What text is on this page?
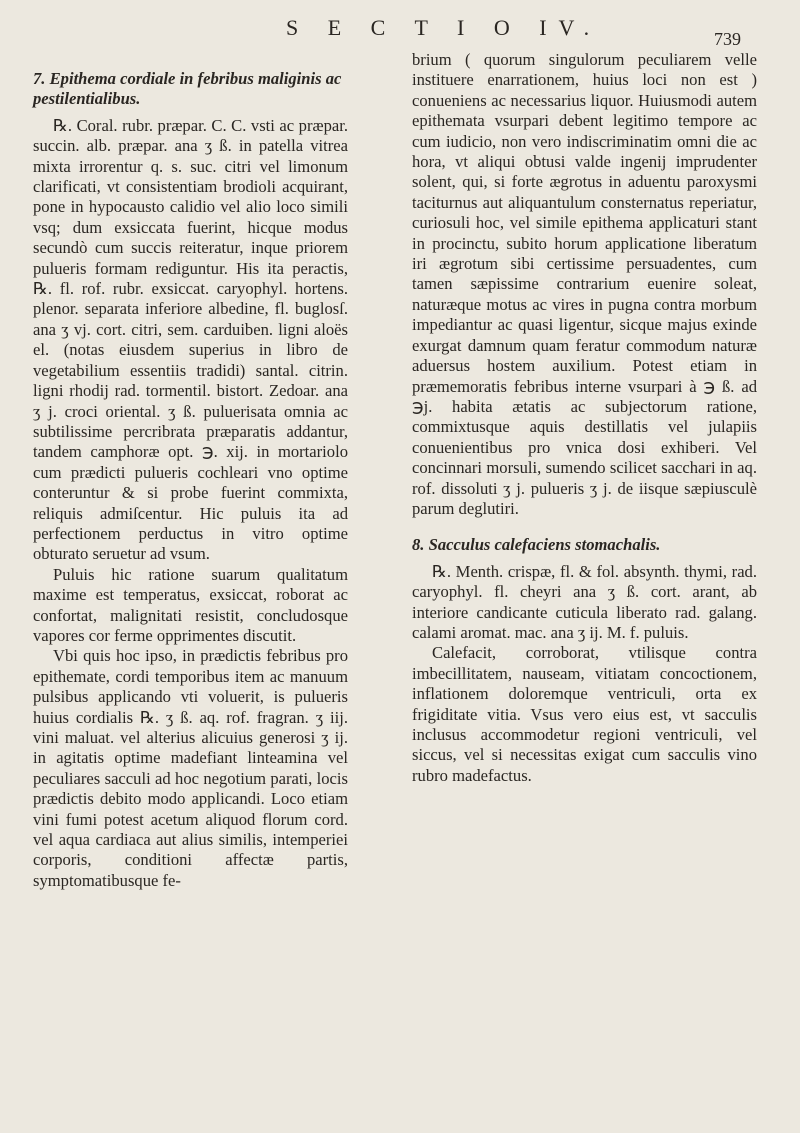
S E C T I O IV.	739

7. Epithema cordiale in febribus maliginis ac pestilentialibus.

℞. Coral. rubr. præpar. C. C. vsti ac præpar. succin. alb. præpar. ana ʒ ß. in patella vitrea mixta irrorentur q. s. suc. citri vel limonum clarificati, vt consistentiam brodioli acquirant, pone in hypocausto calidio vel alio loco simili vsq; dum exsiccata fuerint, hicque modus secundò cum succis reiteratur, inque priorem pulueris formam rediguntur. His ita peractis, ℞. fl. rof. rubr. exsiccat. caryophyl. hortens. plenor. separata inferiore albedine, fl. buglosſ. ana ʒ vj. cort. citri, sem. carduiben. ligni aloës el. (notas eiusdem superius in libro de vegetabilium essentiis tradidi) santal. citrin. ligni rhodij rad. tormentil. bistort. Zedoar. ana ʒ j. croci oriental. ʒ ß. puluerisata omnia ac subtilissime percribrata præparatis addantur, tandem camphoræ opt. ℈. xij. in mortariolo cum prædicti pulueris cochleari vno optime conteruntur & si probe fuerint commixta, reliquis admiſcentur. Hic puluis ita ad perfectionem perductus in vitro optime obturato seruetur ad vsum.

Puluis hic ratione suarum qualitatum maxime est temperatus, exsiccat, roborat ac confortat, malignitati resistit, concludosque vapores cor ferme opprimentes discutit.

Vbi quis hoc ipso, in prædictis febribus pro epithemate, cordi temporibus item ac manuum pulsibus applicando vti voluerit, is pulueris huius cordialis ℞. ʒ ß. aq. rof. fragran. ʒ iij. vini maluat. vel alterius alicuius generosi ʒ ij. in agitatis optime madefiant linteamina vel peculiares sacculi ad hoc negotium parati, locis prædictis debito modo applicandi. Loco etiam vini fumi potest acetum aliquod florum cord. vel aqua cardiaca aut alius similis, intemperiei corporis, conditioni affectæ partis, symptomatibusque fe-

brium ( quorum singulorum peculiarem velle instituere enarrationem, huius loci non est ) conueniens ac necessarius liquor. Huiusmodi autem epithemata vsurpari debent legitimo tempore ac cum iudicio, non vero indiscriminatim omni die ac hora, vt aliqui obtusi valde ingenij imprudenter solent, qui, si forte ægrotus in aduentu paroxysmi taciturnus aut aliquantulum consternatus reperiatur, curiosuli hoc, vel simile epithema applicaturi stant in procinctu, subito horum applicatione liberatum iri ægrotum sibi certissime persuadentes, cum tamen sæpissime contrarium euenire soleat, naturæque motus ac vires in pugna contra morbum impediantur ac quasi ligentur, sicque majus exinde exurgat damnum quam feratur commodum naturæ aduersus hostem auxilium. Potest etiam in præmemoratis febribus interne vsurpari à ℈ ß. ad ℈j. habita ætatis ac subjectorum ratione, commixtusque aquis destillatis vel julapiis conuenientibus pro vnica dosi exhiberi. Vel concinnari morsuli, sumendo scilicet sacchari in aq. rof. dissoluti ʒ j. pulueris ʒ j. de iisque sæpiusculè parum deglutiri.

8. Sacculus calefaciens stomachalis.

℞. Menth. crispæ, fl. & fol. absynth. thymi, rad. caryophyl. fl. cheyri ana ʒ ß. cort. arant, ab interiore candicante cuticula liberato rad. galang. calami aromat. mac. ana ʒ ij. M. f. puluis.

Calefacit, corroborat, vtilisque contra imbecillitatem, nauseam, vitiatam concoctionem, inflationem doloremque ventriculi, orta ex frigiditate vitia. Vsus vero eius est, vt sacculis inclusus accommodetur regioni ventriculi, vel siccus, vel si necessitas exigat cum sacculis vino rubro madefactus.
